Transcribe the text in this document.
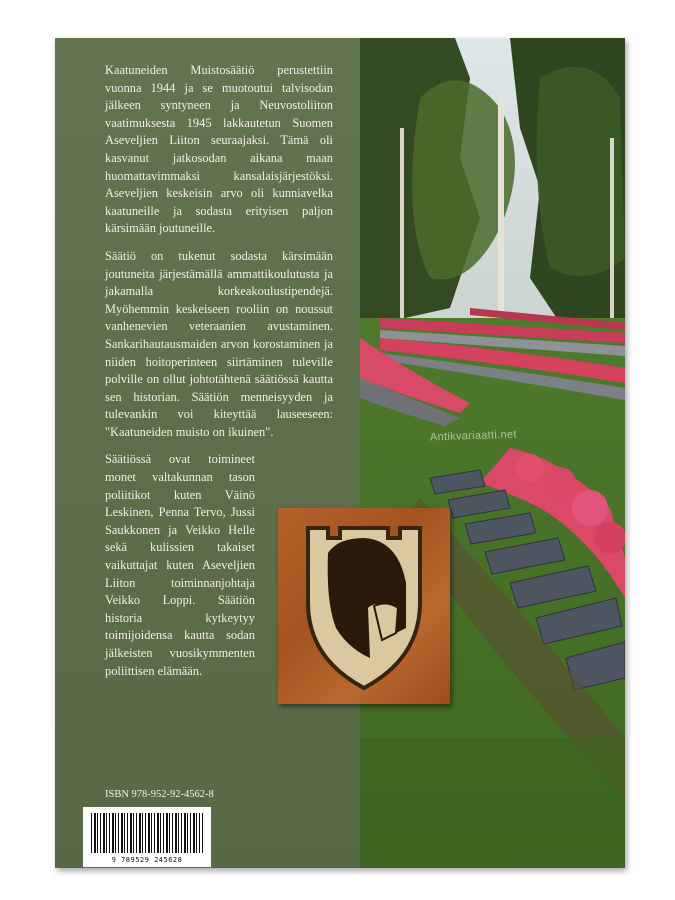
Kaatuneiden Muistosäätiö perustettiin vuonna 1944 ja se muotoutui talvisodan jälkeen syntyneen ja Neuvostoliiton vaatimuksesta 1945 lakkautetun Suomen Aseveljien Liiton seuraajaksi. Tämä oli kasvanut jatkosodan aikana maan huomattavimmaksi kansalaisjärjestöksi. Aseveljien keskeisin arvo oli kunniavelka kaatuneille ja sodasta erityisen paljon kärsimään joutuneille.

Säätiö on tukenut sodasta kärsimään joutuneita järjestämällä ammattikoulutusta ja jakamalla korkeakoulustipendejä. Myöhemmin keskeiseen rooliin on noussut vanhenevien veteraanien avustaminen. Sankarihautausmaiden arvon korostaminen ja niiden hoitoperinteen siirtäminen tuleville polville on ollut johtotähtenä säätiössä kautta sen historian. Säätiön menneisyyden ja tulevankin voi kiteyttää lauseeseen: "Kaatuneiden muisto on ikuinen".

Säätiössä ovat toimineet monet valtakunnan tason poliitikot kuten Väinö Leskinen, Penna Tervo, Jussi Saukkonen ja Veikko Helle sekä kulissien takaiset vaikuttajat kuten Aseveljien Liiton toiminnanjohtaja Veikko Loppi. Säätiön historia kytkeytyy toimijoidensa kautta sodan jälkeisten vuosikymmenten poliittisen elämään.

ISBN 978-952-92-4562-8
9 789529 245628
Antikvariaatti.net
